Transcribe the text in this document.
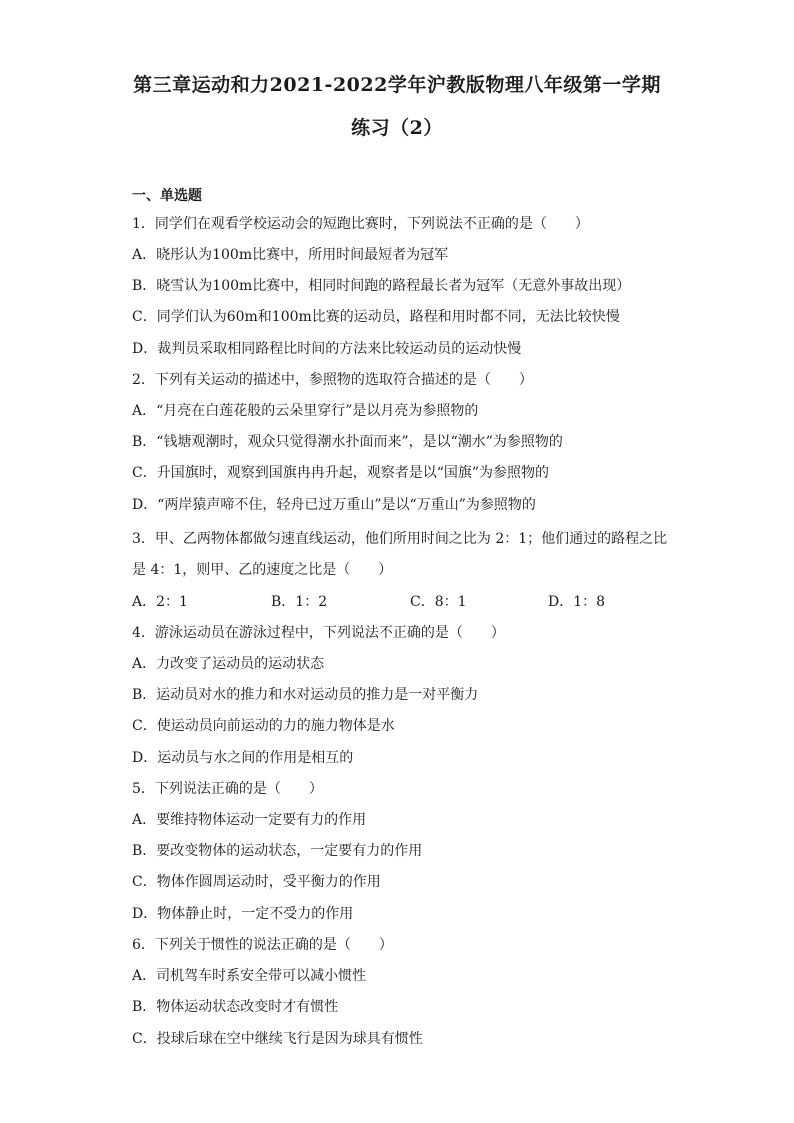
第三章运动和力2021-2022学年沪教版物理八年级第一学期
练习（2）
一、单选题
1．同学们在观看学校运动会的短跑比赛时，下列说法不正确的是（　　）
A．晓彤认为100m比赛中，所用时间最短者为冠军
B．晓雪认为100m比赛中，相同时间跑的路程最长者为冠军（无意外事故出现）
C．同学们认为60m和100m比赛的运动员，路程和用时都不同，无法比较快慢
D．裁判员采取相同路程比时间的方法来比较运动员的运动快慢
2．下列有关运动的描述中，参照物的选取符合描述的是（　　）
A．“月亮在白莲花般的云朵里穿行”是以月亮为参照物的
B．“钱塘观潮时，观众只觉得潮水扑面而来”，是以“潮水”为参照物的
C．升国旗时，观察到国旗冉冉升起，观察者是以“国旗”为参照物的
D．“两岸猿声啼不住，轻舟已过万重山”是以“万重山”为参照物的
3．甲、乙两物体都做匀速直线运动，他们所用时间之比为 2：1；他们通过的路程之比
是 4：1，则甲、乙的速度之比是（　　）
A．2：1	B．1：2	C．8：1	D．1：8
4．游泳运动员在游泳过程中，下列说法不正确的是（　　）
A．力改变了运动员的运动状态
B．运动员对水的推力和水对运动员的推力是一对平衡力
C．使运动员向前运动的力的施力物体是水
D．运动员与水之间的作用是相互的
5．下列说法正确的是（　　）
A．要维持物体运动一定要有力的作用
B．要改变物体的运动状态，一定要有力的作用
C．物体作圆周运动时，受平衡力的作用
D．物体静止时，一定不受力的作用
6．下列关于惯性的说法正确的是（　　）
A．司机驾车时系安全带可以减小惯性
B．物体运动状态改变时才有惯性
C．投球后球在空中继续飞行是因为球具有惯性
